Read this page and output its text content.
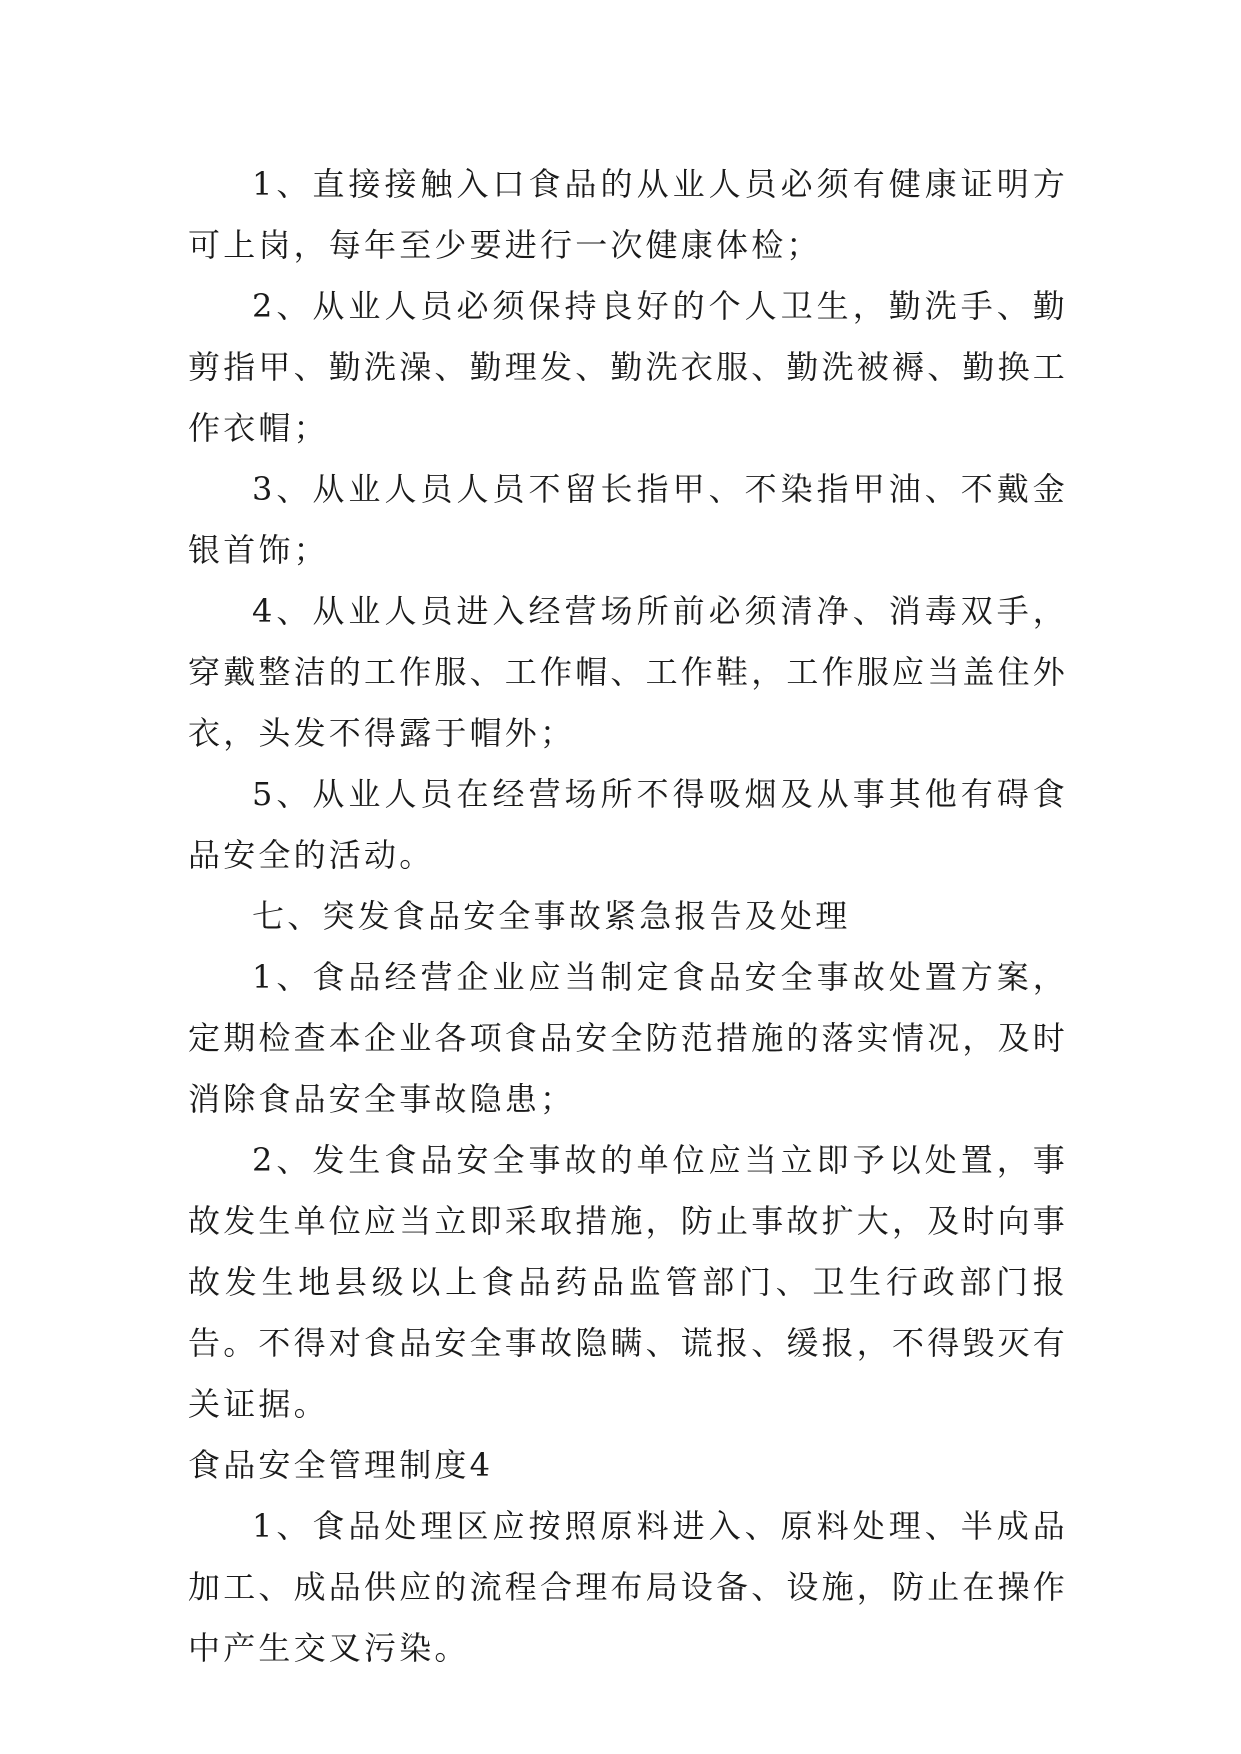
1、直接接触入口食品的从业人员必须有健康证明方可上岗，每年至少要进行一次健康体检；

2、从业人员必须保持良好的个人卫生，勤洗手、勤剪指甲、勤洗澡、勤理发、勤洗衣服、勤洗被褥、勤换工作衣帽；

3、从业人员人员不留长指甲、不染指甲油、不戴金银首饰；

4、从业人员进入经营场所前必须清净、消毒双手，穿戴整洁的工作服、工作帽、工作鞋，工作服应当盖住外衣，头发不得露于帽外；

5、从业人员在经营场所不得吸烟及从事其他有碍食品安全的活动。

七、突发食品安全事故紧急报告及处理

1、食品经营企业应当制定食品安全事故处置方案，定期检查本企业各项食品安全防范措施的落实情况，及时消除食品安全事故隐患；

2、发生食品安全事故的单位应当立即予以处置，事故发生单位应当立即采取措施，防止事故扩大，及时向事故发生地县级以上食品药品监管部门、卫生行政部门报告。不得对食品安全事故隐瞒、谎报、缓报，不得毁灭有关证据。

食品安全管理制度4

1、食品处理区应按照原料进入、原料处理、半成品加工、成品供应的流程合理布局设备、设施，防止在操作中产生交叉污染。
